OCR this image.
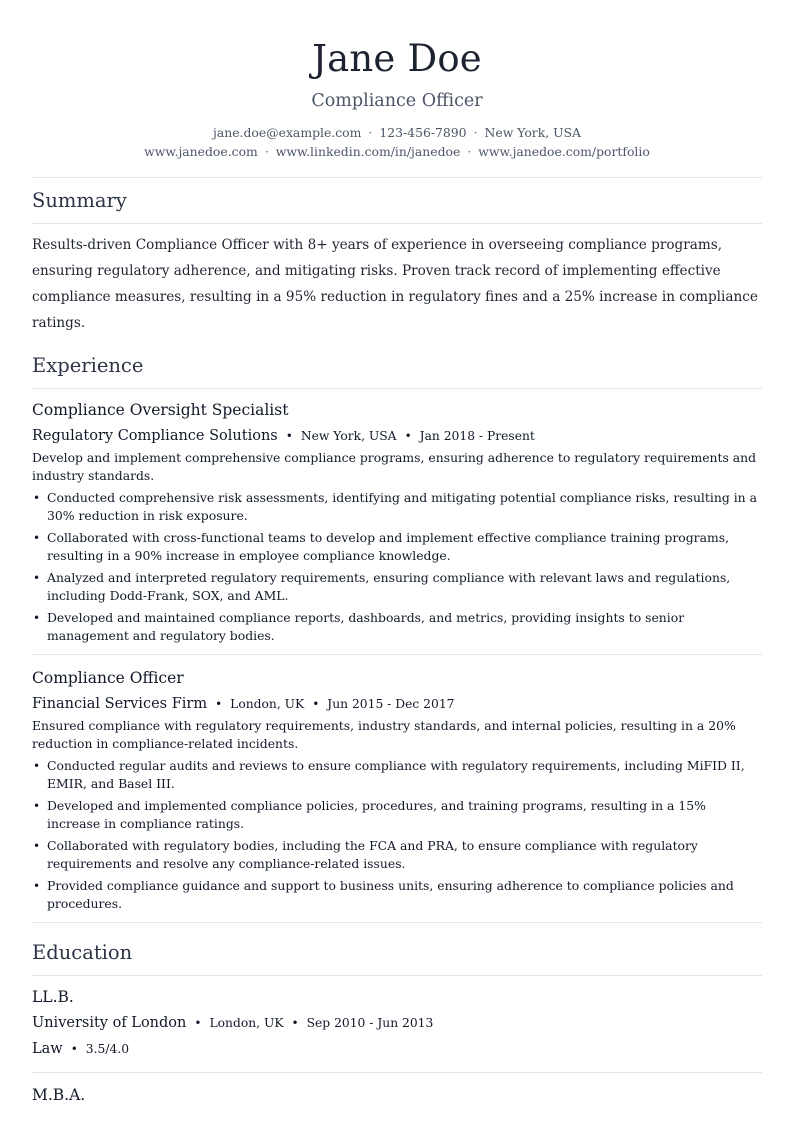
Jane Doe
Compliance Officer
jane.doe@example.com · 123-456-7890 · New York, USA
www.janedoe.com · www.linkedin.com/in/janedoe · www.janedoe.com/portfolio
Summary
Results-driven Compliance Officer with 8+ years of experience in overseeing compliance programs, ensuring regulatory adherence, and mitigating risks. Proven track record of implementing effective compliance measures, resulting in a 95% reduction in regulatory fines and a 25% increase in compliance ratings.
Experience
Compliance Oversight Specialist
Regulatory Compliance Solutions • New York, USA • Jan 2018 - Present
Develop and implement comprehensive compliance programs, ensuring adherence to regulatory requirements and industry standards.
• Conducted comprehensive risk assessments, identifying and mitigating potential compliance risks, resulting in a 30% reduction in risk exposure.
• Collaborated with cross-functional teams to develop and implement effective compliance training programs, resulting in a 90% increase in employee compliance knowledge.
• Analyzed and interpreted regulatory requirements, ensuring compliance with relevant laws and regulations, including Dodd-Frank, SOX, and AML.
• Developed and maintained compliance reports, dashboards, and metrics, providing insights to senior management and regulatory bodies.
Compliance Officer
Financial Services Firm • London, UK • Jun 2015 - Dec 2017
Ensured compliance with regulatory requirements, industry standards, and internal policies, resulting in a 20% reduction in compliance-related incidents.
• Conducted regular audits and reviews to ensure compliance with regulatory requirements, including MiFID II, EMIR, and Basel III.
• Developed and implemented compliance policies, procedures, and training programs, resulting in a 15% increase in compliance ratings.
• Collaborated with regulatory bodies, including the FCA and PRA, to ensure compliance with regulatory requirements and resolve any compliance-related issues.
• Provided compliance guidance and support to business units, ensuring adherence to compliance policies and procedures.
Education
LL.B.
University of London • London, UK • Sep 2010 - Jun 2013
Law • 3.5/4.0
M.B.A.
